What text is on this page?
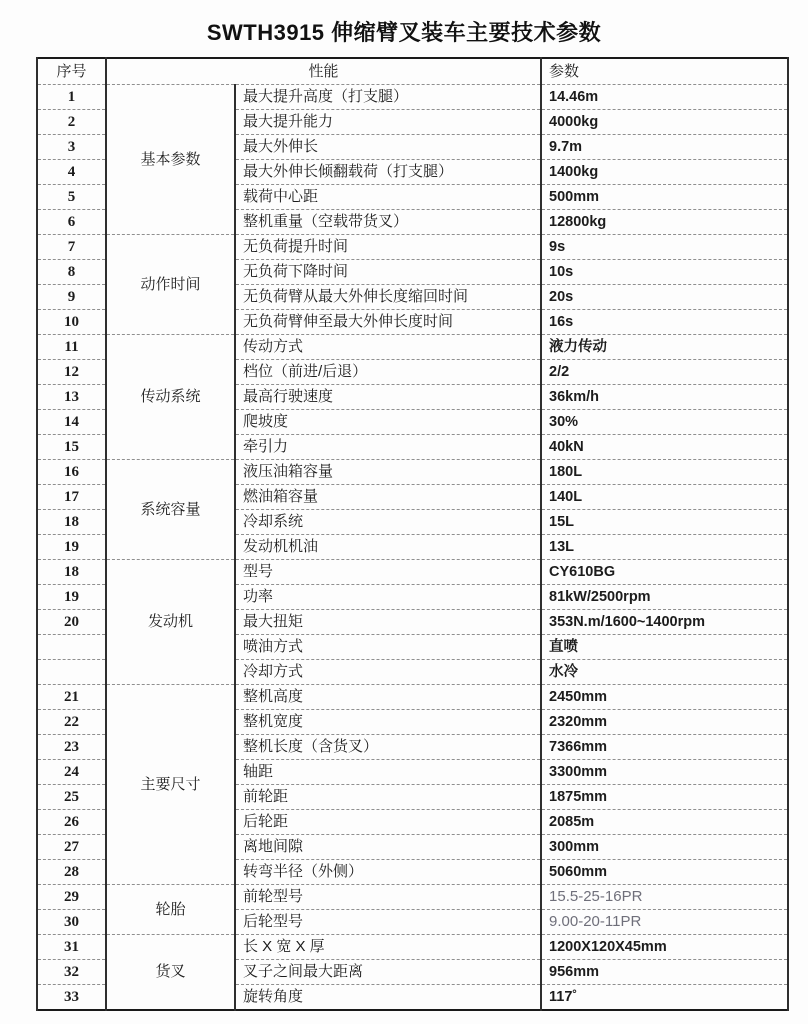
SWTH3915 伸缩臂叉装车主要技术参数
序号	性能		参数
1	基本参数	最大提升高度（打支腿）	14.46m
2		最大提升能力	4000kg
3		最大外伸长	9.7m
4		最大外伸长倾翻载荷（打支腿）	1400kg
5		载荷中心距	500mm
6		整机重量（空载带货叉）	12800kg
7	动作时间	无负荷提升时间	9s
8		无负荷下降时间	10s
9		无负荷臂从最大外伸长度缩回时间	20s
10		无负荷臂伸至最大外伸长度时间	16s
11	传动系统	传动方式	液力传动
12		档位（前进/后退）	2/2
13		最高行驶速度	36km/h
14		爬坡度	30%
15		牵引力	40kN
16	系统容量	液压油箱容量	180L
17		燃油箱容量	140L
18		冷却系统	15L
19		发动机机油	13L
18	发动机	型号	CY610BG
19		功率	81kW/2500rpm
20		最大扭矩	353N.m/1600~1400rpm
		喷油方式	直喷
		冷却方式	水冷
21	主要尺寸	整机高度	2450mm
22		整机宽度	2320mm
23		整机长度（含货叉）	7366mm
24		轴距	3300mm
25		前轮距	1875mm
26		后轮距	2085m
27		离地间隙	300mm
28		转弯半径（外侧）	5060mm
29	轮胎	前轮型号	15.5-25-16PR
30		后轮型号	9.00-20-11PR
31	货叉	长 X 宽 X 厚	1200X120X45mm
32		叉子之间最大距离	956mm
33		旋转角度	117˚
